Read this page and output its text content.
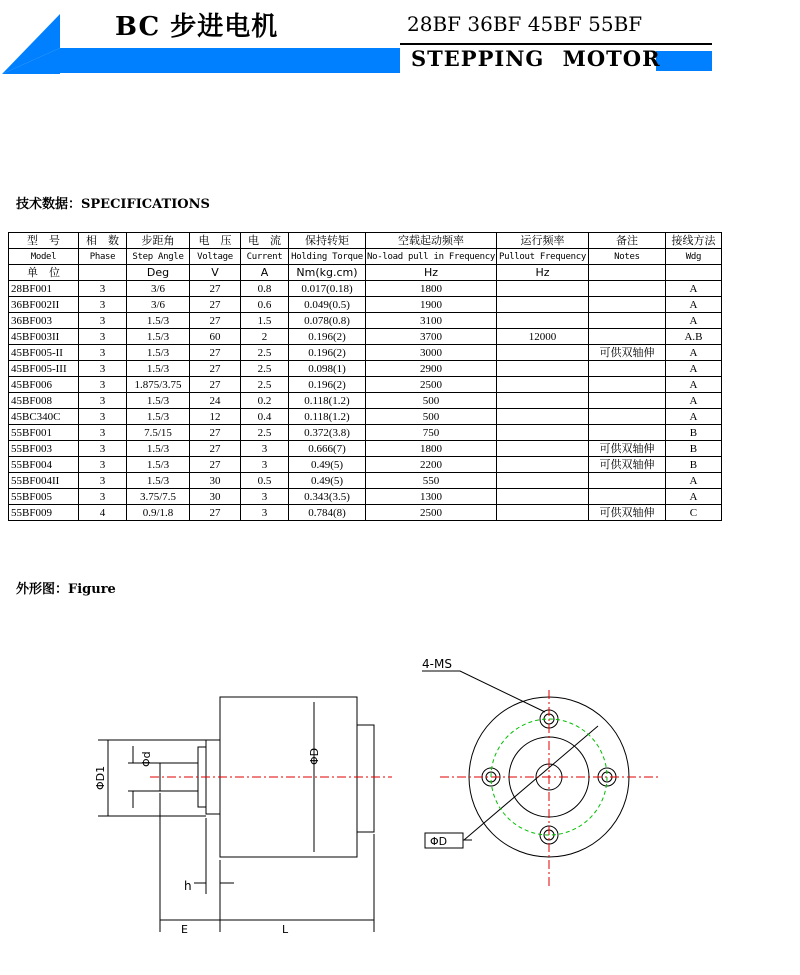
BC 步进电机	28BF 36BF 45BF 55BF
STEPPING MOTOR
技术数据：SPECIFICATIONS
型　号	相　数	步距角	电　压	电　流	保持转矩	空载起动频率	运行频率	备注	接线方法
Model	Phase	Step Angle	Voltage	Current	Holding Torque	No-load pull in Frequency	Pullout Frequency	Notes	Wdg
单　位		Deg	V	A	Nm(kg.cm)	Hz	Hz		
28BF001	3	3/6	27	0.8	0.017(0.18)	1800			A
36BF002II	3	3/6	27	0.6	0.049(0.5)	1900			A
36BF003	3	1.5/3	27	1.5	0.078(0.8)	3100			A
45BF003II	3	1.5/3	60	2	0.196(2)	3700	12000		A.B
45BF005-II	3	1.5/3	27	2.5	0.196(2)	3000		可供双轴伸	A
45BF005-III	3	1.5/3	27	2.5	0.098(1)	2900			A
45BF006	3	1.875/3.75	27	2.5	0.196(2)	2500			A
45BF008	3	1.5/3	24	0.2	0.118(1.2)	500			A
45BC340C	3	1.5/3	12	0.4	0.118(1.2)	500			A
55BF001	3	7.5/15	27	2.5	0.372(3.8)	750			B
55BF003	3	1.5/3	27	3	0.666(7)	1800		可供双轴伸	B
55BF004	3	1.5/3	27	3	0.49(5)	2200		可供双轴伸	B
55BF004II	3	1.5/3	30	0.5	0.49(5)	550			A
55BF005	3	3.75/7.5	30	3	0.343(3.5)	1300			A
55BF009	4	0.9/1.8	27	3	0.784(8)	2500		可供双轴伸	C
外形图：Figure
4-MS
ΦD
ΦD1
Φd	ΦD
h
E	L
